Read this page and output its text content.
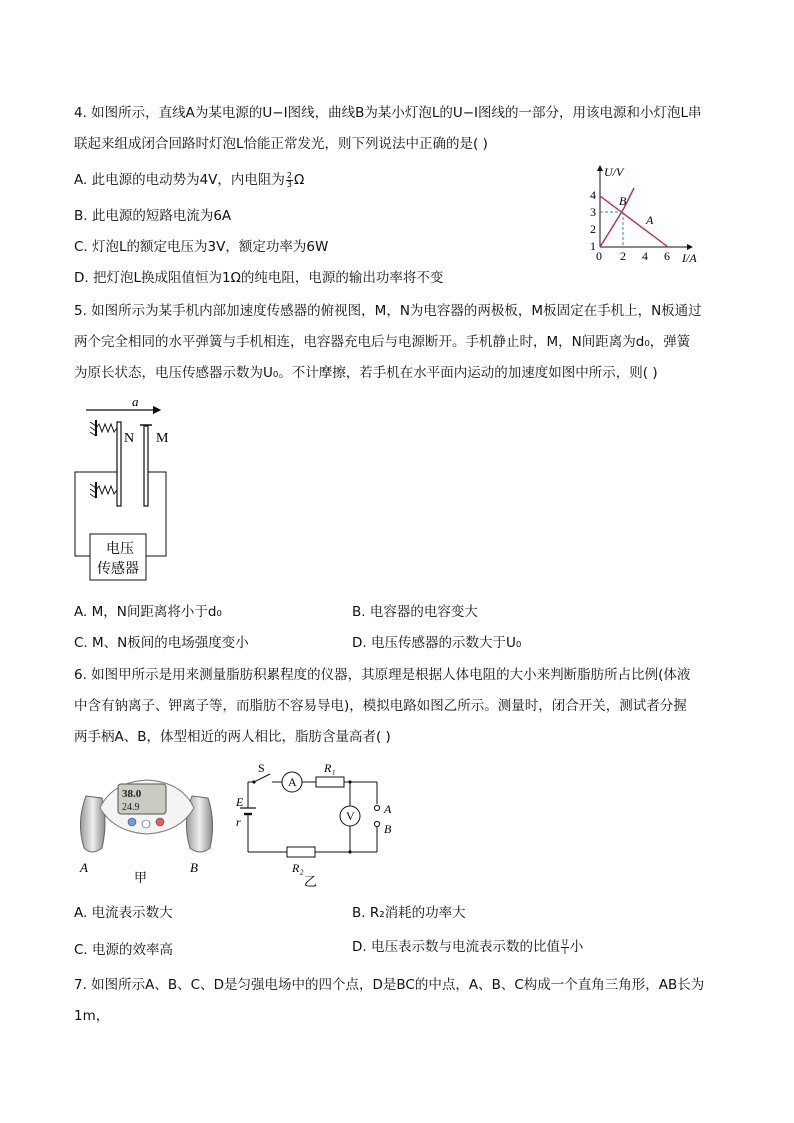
4. 如图所示，直线A为某电源的U−I图线，曲线B为某小灯泡L的U−I图线的一部分，用该电源和小灯泡L串
联起来组成闭合回路时灯泡L恰能正常发光，则下列说法中正确的是( )
A. 此电源的电动势为4V，内电阻为 $\frac{2}{3}$ Ω
B. 此电源的短路电流为6A
C. 灯泡L的额定电压为3V，额定功率为6W
D. 把灯泡L换成阻值恒为1Ω的纯电阻，电源的输出功率将不变
U/V
I/A
4
3
2
1
0 2 4 6
B
A
5. 如图所示为某手机内部加速度传感器的俯视图，M，N为电容器的两极板，M板固定在手机上，N板通过
两个完全相同的水平弹簧与手机相连，电容器充电后与电源断开。手机静止时，M，N间距离为d₀，弹簧
为原长状态，电压传感器示数为U₀。不计摩擦，若手机在水平面内运动的加速度如图中所示，则( )
a
N M
电压
传感器
A. M，N间距离将小于d₀	B. 电容器的电容变大
C. M、N板间的电场强度变小	D. 电压传感器的示数大于U₀
6. 如图甲所示是用来测量脂肪积累程度的仪器，其原理是根据人体电阻的大小来判断脂肪所占比例(体液
中含有钠离子、钾离子等，而脂肪不容易导电)，模拟电路如图乙所示。测量时，闭合开关，测试者分握
两手柄A、B，体型相近的两人相比，脂肪含量高者( )
38.0
24.9
A	B
甲
S
A
R₁
A
B
V
R₂
E
r
乙
A. 电流表示数大	B. R₂消耗的功率大
C. 电源的效率高	D. 电压表示数与电流表示数的比值 $\frac{U}{I}$ 小
7. 如图所示A、B、C、D是匀强电场中的四个点，D是BC的中点，A、B、C构成一个直角三角形，AB长为
1m，
